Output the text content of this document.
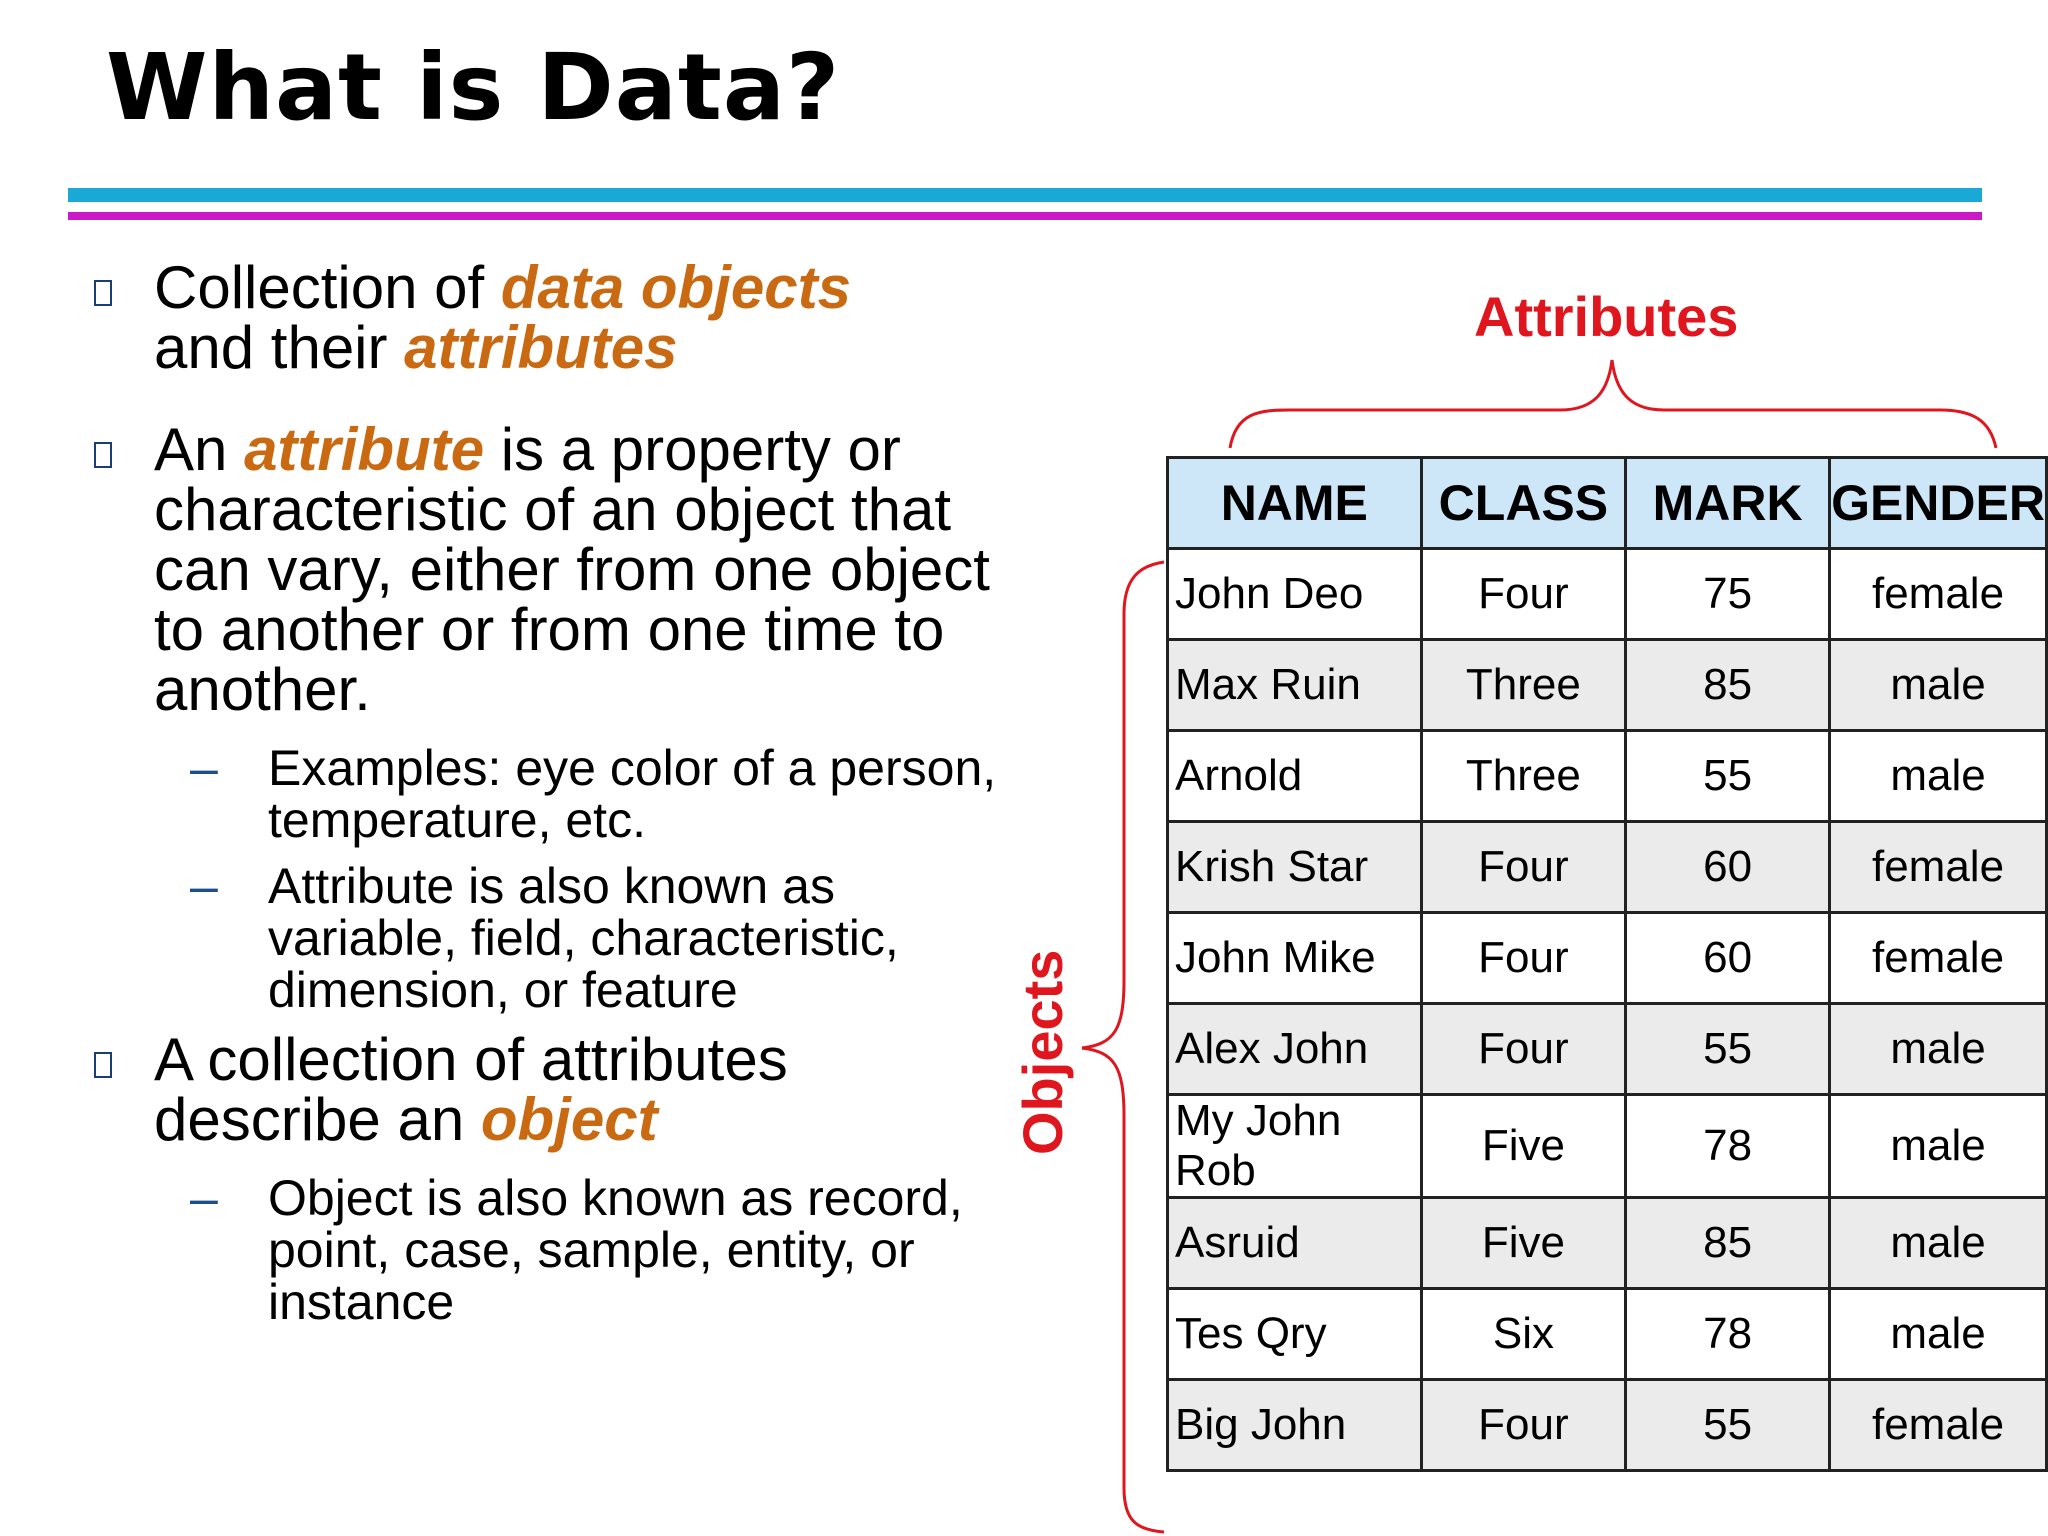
What is Data?
Collection of data objects
and their attributes
An attribute is a property or characteristic of an object that can vary, either from one object to another or from one time to another.
– Examples: eye color of a person, temperature, etc.
– Attribute is also known as variable, field, characteristic, dimension, or feature
A collection of attributes describe an object
– Object is also known as record, point, case, sample, entity, or instance
Attributes
Objects
NAME	CLASS	MARK	GENDER
John Deo	Four	75	female
Max Ruin	Three	85	male
Arnold	Three	55	male
Krish Star	Four	60	female
John Mike	Four	60	female
Alex John	Four	55	male
My John Rob	Five	78	male
Asruid	Five	85	male
Tes Qry	Six	78	male
Big John	Four	55	female
